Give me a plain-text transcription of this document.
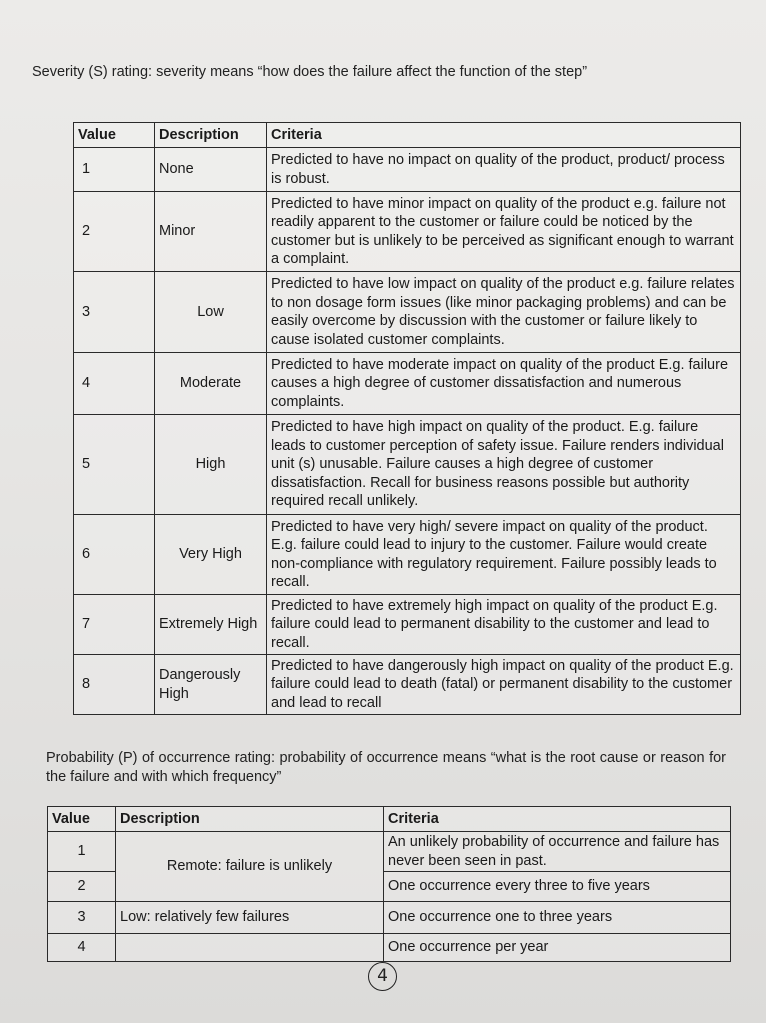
Severity (S) rating: severity means “how does the failure affect the function of the step”
Value	Description	Criteria
1	None	Predicted to have no impact on quality of the product, product/ process is robust.
2	Minor	Predicted to have minor impact on quality of the product e.g. failure not readily apparent to the customer or failure could be noticed by the customer but is unlikely to be perceived as significant enough to warrant a complaint.
3	Low	Predicted to have low impact on quality of the product e.g. failure relates to non dosage form issues (like minor packaging problems) and can be easily overcome by discussion with the customer or failure likely to cause isolated customer complaints.
4	Moderate	Predicted to have moderate impact on quality of the product E.g. failure causes a high degree of customer dissatisfaction and numerous complaints.
5	High	Predicted to have high impact on quality of the product. E.g. failure leads to customer perception of safety issue. Failure renders individual unit (s) unusable. Failure causes a high degree of customer dissatisfaction. Recall for business reasons possible but authority required recall unlikely.
6	Very High	Predicted to have very high/ severe impact on quality of the product. E.g. failure could lead to injury to the customer. Failure would create non-compliance with regulatory requirement. Failure possibly leads to recall.
7	Extremely High	Predicted to have extremely high impact on quality of the product E.g. failure could lead to permanent disability to the customer and lead to recall.
8	Dangerously High	Predicted to have dangerously high impact on quality of the product E.g. failure could lead to death (fatal) or permanent disability to the customer and lead to recall
Probability (P) of occurrence rating: probability of occurrence means “what is the root cause or reason for the failure and with which frequency”
Value	Description	Criteria
1	Remote: failure is unlikely	An unlikely probability of occurrence and failure has never been seen in past.
2		One occurrence every three to five years
3	Low: relatively few failures	One occurrence one to three years
4		One occurrence per year
4
